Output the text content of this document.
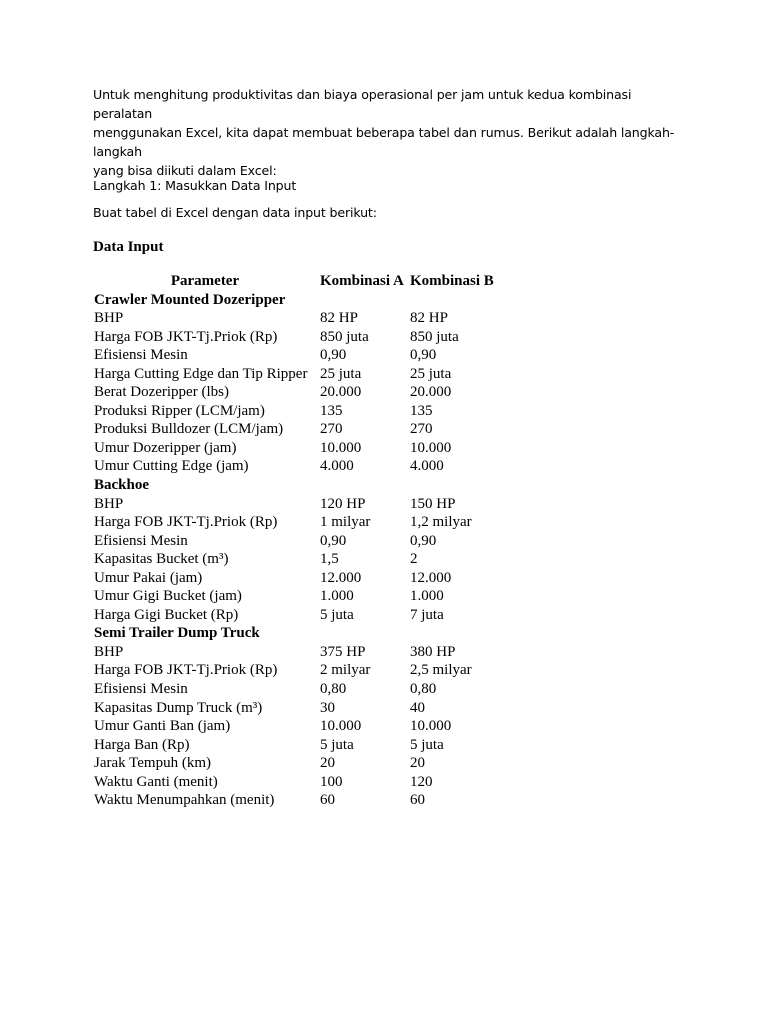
Untuk menghitung produktivitas dan biaya operasional per jam untuk kedua kombinasi peralatan
menggunakan Excel, kita dapat membuat beberapa tabel dan rumus. Berikut adalah langkah-langkah
yang bisa diikuti dalam Excel:
Langkah 1: Masukkan Data Input
Buat tabel di Excel dengan data input berikut:
Data Input
Parameter	Kombinasi A	Kombinasi B
Crawler Mounted Dozeripper		
BHP	82 HP	82 HP
Harga FOB JKT-Tj.Priok (Rp)	850 juta	850 juta
Efisiensi Mesin	0,90	0,90
Harga Cutting Edge dan Tip Ripper	25 juta	25 juta
Berat Dozeripper (lbs)	20.000	20.000
Produksi Ripper (LCM/jam)	135	135
Produksi Bulldozer (LCM/jam)	270	270
Umur Dozeripper (jam)	10.000	10.000
Umur Cutting Edge (jam)	4.000	4.000
Backhoe		
BHP	120 HP	150 HP
Harga FOB JKT-Tj.Priok (Rp)	1 milyar	1,2 milyar
Efisiensi Mesin	0,90	0,90
Kapasitas Bucket (m³)	1,5	2
Umur Pakai (jam)	12.000	12.000
Umur Gigi Bucket (jam)	1.000	1.000
Harga Gigi Bucket (Rp)	5 juta	7 juta
Semi Trailer Dump Truck		
BHP	375 HP	380 HP
Harga FOB JKT-Tj.Priok (Rp)	2 milyar	2,5 milyar
Efisiensi Mesin	0,80	0,80
Kapasitas Dump Truck (m³)	30	40
Umur Ganti Ban (jam)	10.000	10.000
Harga Ban (Rp)	5 juta	5 juta
Jarak Tempuh (km)	20	20
Waktu Ganti (menit)	100	120
Waktu Menumpahkan (menit)	60	60
